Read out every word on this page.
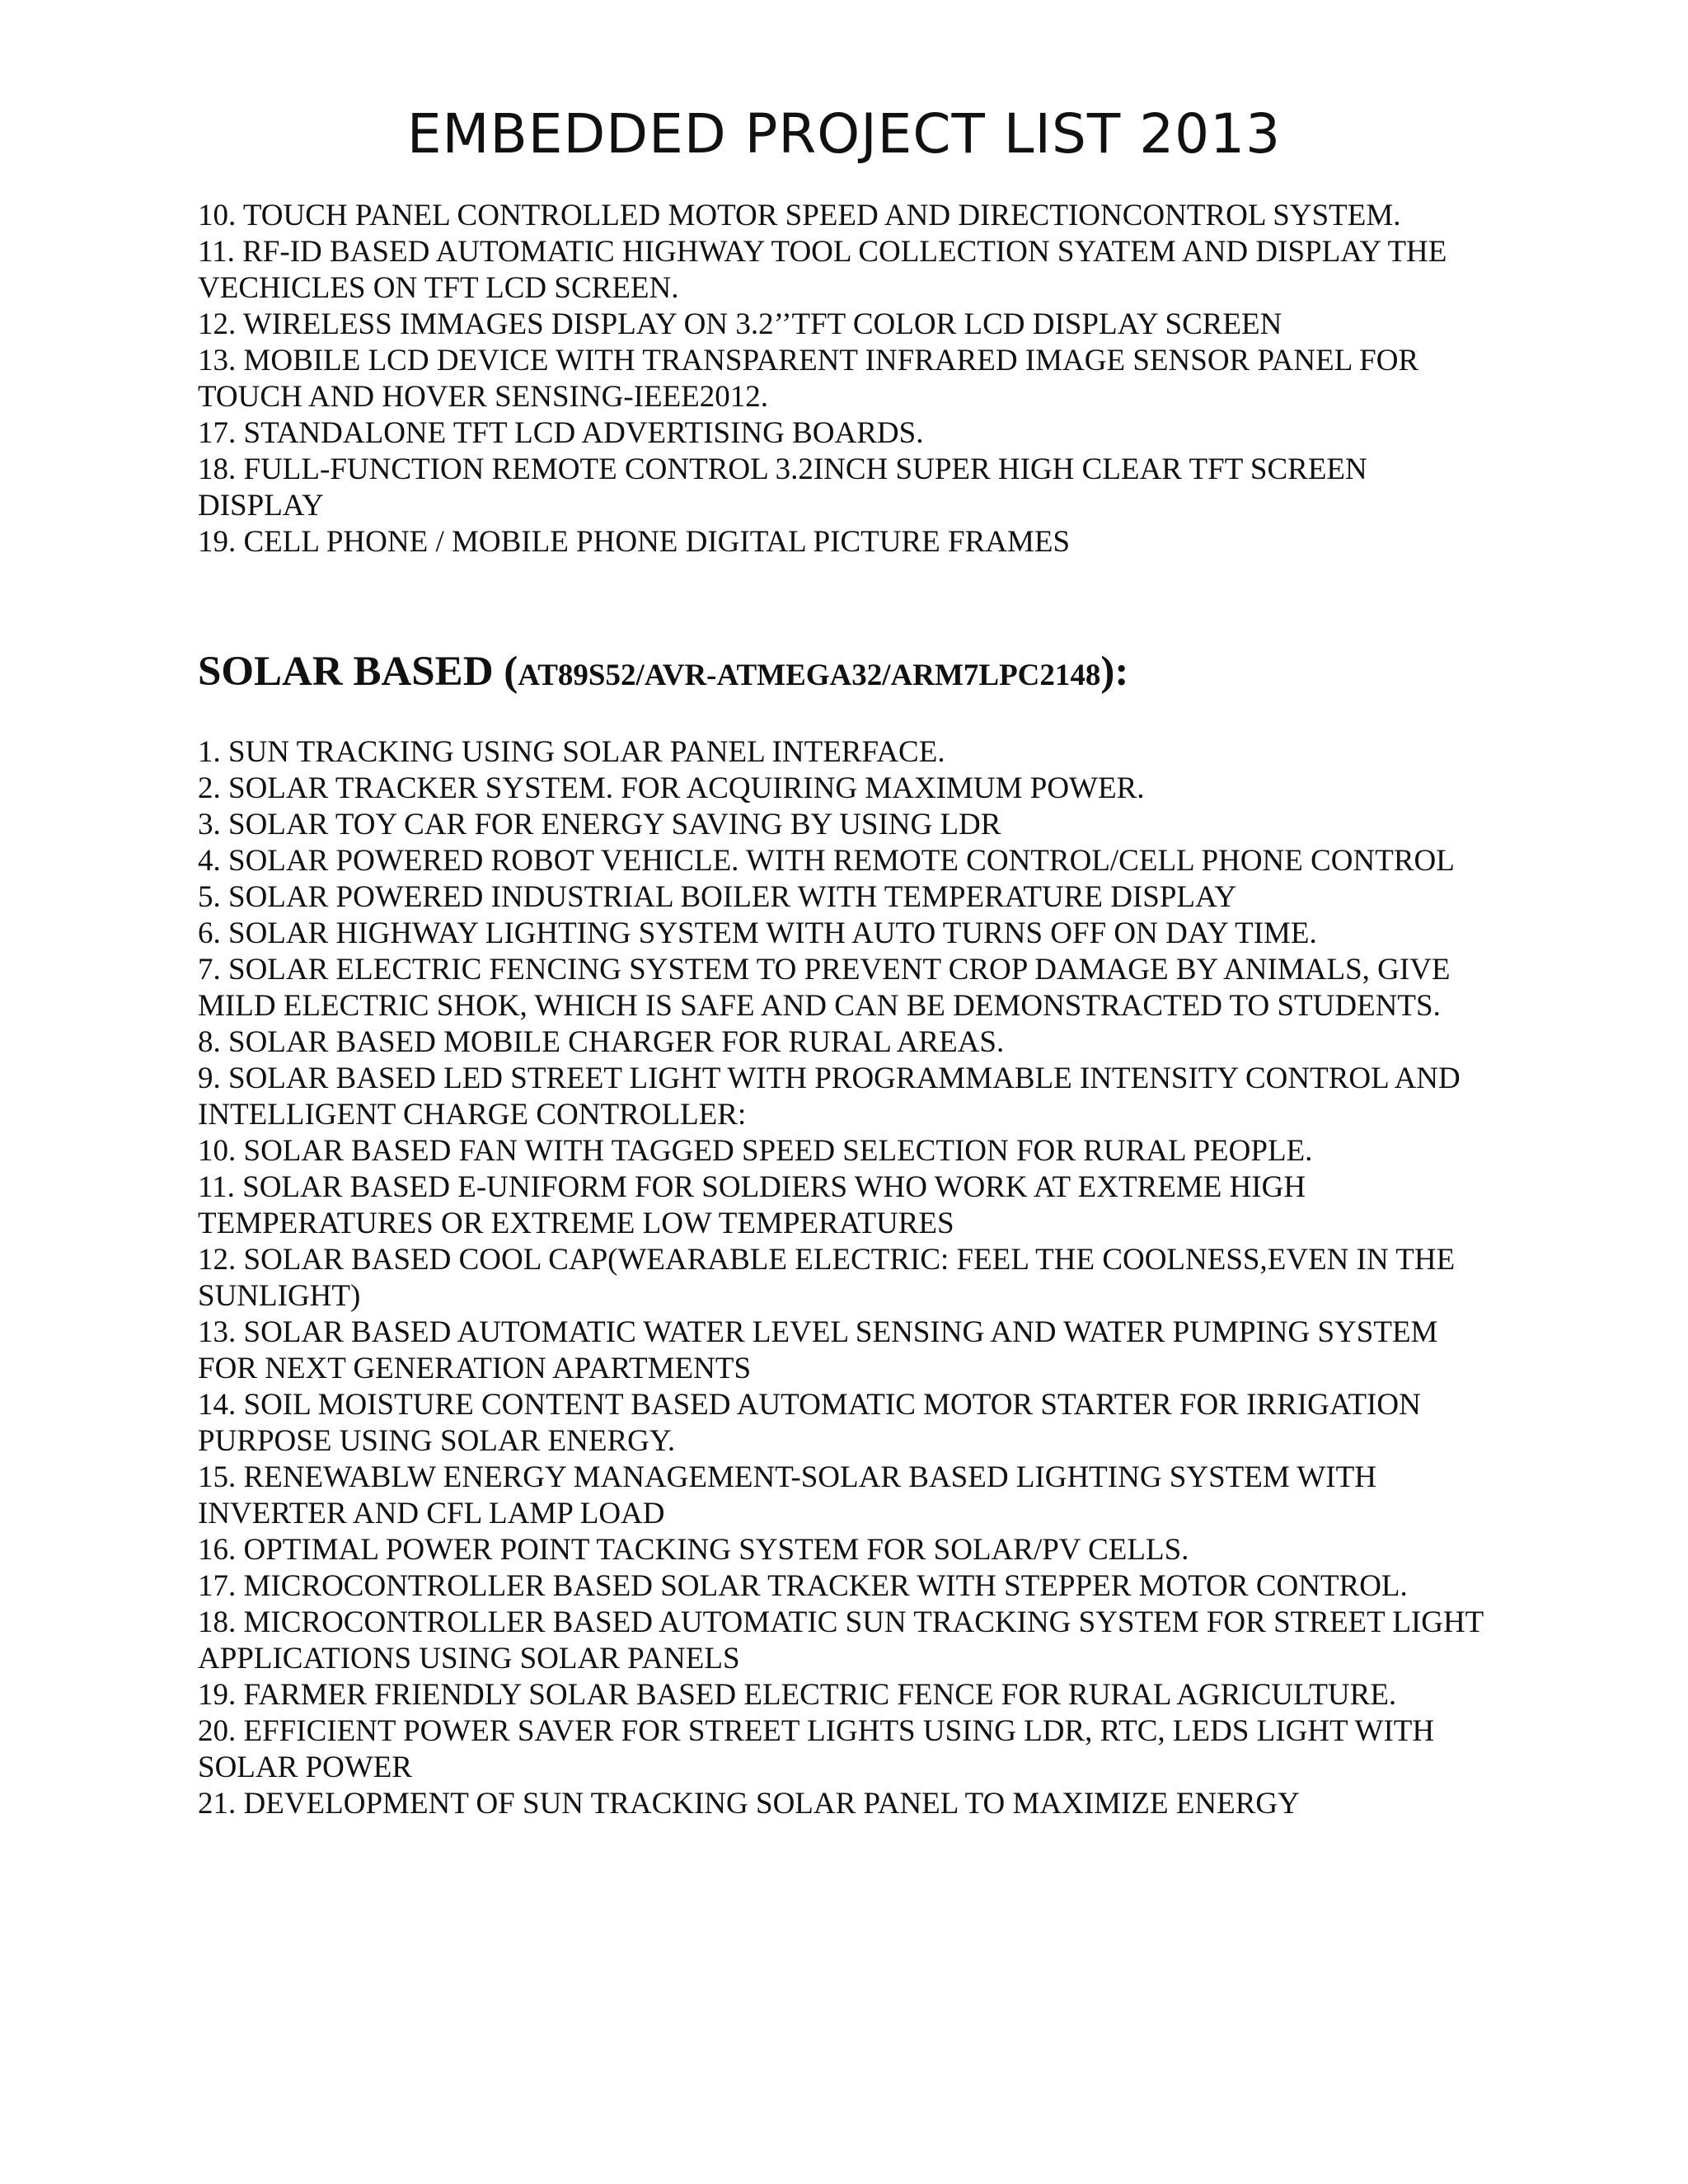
EMBEDDED PROJECT LIST 2013
10. TOUCH PANEL CONTROLLED MOTOR SPEED AND DIRECTIONCONTROL SYSTEM.
11. RF-ID BASED AUTOMATIC HIGHWAY TOOL COLLECTION SYATEM AND DISPLAY THE VECHICLES ON TFT LCD SCREEN.
12. WIRELESS IMMAGES DISPLAY ON 3.2’’TFT COLOR LCD DISPLAY SCREEN
13. MOBILE LCD DEVICE WITH TRANSPARENT INFRARED IMAGE SENSOR PANEL FOR TOUCH AND HOVER SENSING-IEEE2012.
17. STANDALONE TFT LCD ADVERTISING BOARDS.
18. FULL-FUNCTION REMOTE CONTROL 3.2INCH SUPER HIGH CLEAR TFT SCREEN DISPLAY
19. CELL PHONE / MOBILE PHONE DIGITAL PICTURE FRAMES
SOLAR BASED (AT89S52/AVR-ATMEGA32/ARM7LPC2148):
1. SUN TRACKING USING SOLAR PANEL INTERFACE.
2. SOLAR TRACKER SYSTEM. FOR ACQUIRING MAXIMUM POWER.
3. SOLAR TOY CAR FOR ENERGY SAVING BY USING LDR
4. SOLAR POWERED ROBOT VEHICLE. WITH REMOTE CONTROL/CELL PHONE CONTROL
5. SOLAR POWERED INDUSTRIAL BOILER WITH TEMPERATURE DISPLAY
6. SOLAR HIGHWAY LIGHTING SYSTEM WITH AUTO TURNS OFF ON DAY TIME.
7. SOLAR ELECTRIC FENCING SYSTEM TO PREVENT CROP DAMAGE BY ANIMALS, GIVE MILD ELECTRIC SHOK, WHICH IS SAFE AND CAN BE DEMONSTRACTED TO STUDENTS.
8. SOLAR BASED MOBILE CHARGER FOR RURAL AREAS.
9. SOLAR BASED LED STREET LIGHT WITH PROGRAMMABLE INTENSITY CONTROL AND INTELLIGENT CHARGE CONTROLLER:
10. SOLAR BASED FAN WITH TAGGED SPEED SELECTION FOR RURAL PEOPLE.
11. SOLAR BASED E-UNIFORM FOR SOLDIERS WHO WORK AT EXTREME HIGH TEMPERATURES OR EXTREME LOW TEMPERATURES
12. SOLAR BASED COOL CAP(WEARABLE ELECTRIC: FEEL THE COOLNESS,EVEN IN THE SUNLIGHT)
13. SOLAR BASED AUTOMATIC WATER LEVEL SENSING AND WATER PUMPING SYSTEM FOR NEXT GENERATION APARTMENTS
14. SOIL MOISTURE CONTENT BASED AUTOMATIC MOTOR STARTER FOR IRRIGATION PURPOSE USING SOLAR ENERGY.
15. RENEWABLW ENERGY MANAGEMENT-SOLAR BASED LIGHTING SYSTEM WITH INVERTER AND CFL LAMP LOAD
16. OPTIMAL POWER POINT TACKING SYSTEM FOR SOLAR/PV CELLS.
17. MICROCONTROLLER BASED SOLAR TRACKER WITH STEPPER MOTOR CONTROL.
18. MICROCONTROLLER BASED AUTOMATIC SUN TRACKING SYSTEM FOR STREET LIGHT APPLICATIONS USING SOLAR PANELS
19. FARMER FRIENDLY SOLAR BASED ELECTRIC FENCE FOR RURAL AGRICULTURE.
20. EFFICIENT POWER SAVER FOR STREET LIGHTS USING LDR, RTC, LEDS LIGHT WITH SOLAR POWER
21. DEVELOPMENT OF SUN TRACKING SOLAR PANEL TO MAXIMIZE ENERGY
